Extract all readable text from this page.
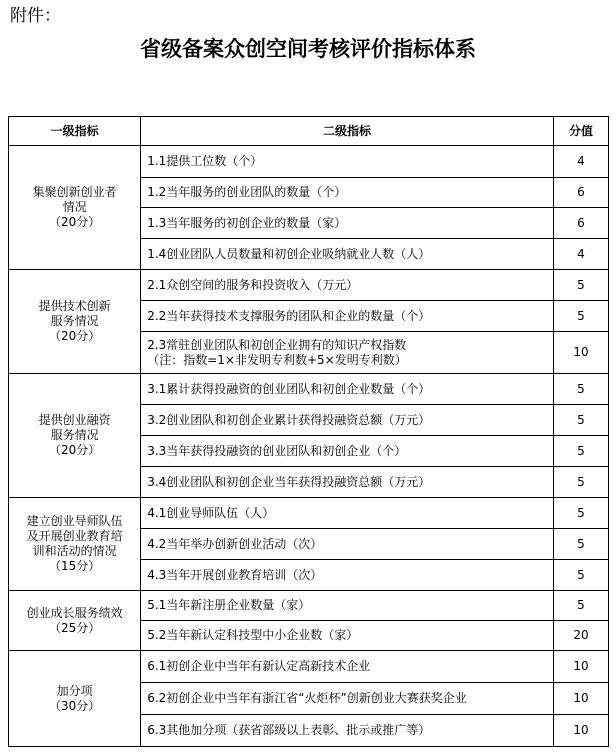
附件：
省级备案众创空间考核评价指标体系
一级指标	二级指标	分值

集聚创新创业者
情况
（20分）	1.1提供工位数（个）	4
	1.2当年服务的创业团队的数量（个）	6
	1.3当年服务的初创企业的数量（家）	6
	1.4创业团队人员数量和初创企业吸纳就业人数（人）	4

提供技术创新
服务情况
（20分）	2.1众创空间的服务和投资收入（万元）	5
	2.2当年获得技术支撑服务的团队和企业的数量（个）	5
	2.3常驻创业团队和初创企业拥有的知识产权指数
（注：指数=1×非发明专利数+5×发明专利数）	10

提供创业融资
服务情况
（20分）	3.1累计获得投融资的创业团队和初创企业数量（个）	5
	3.2创业团队和初创企业累计获得投融资总额（万元）	5
	3.3当年获得投融资的创业团队和初创企业（个）	5
	3.4创业团队和初创企业当年获得投融资总额（万元）	5

建立创业导师队伍
及开展创业教育培
训和活动的情况
（15分）	4.1创业导师队伍（人）	5
	4.2当年举办创新创业活动（次）	5
	4.3当年开展创业教育培训（次）	5

创业成长服务绩效
（25分）	5.1当年新注册企业数量（家）	5
	5.2当年新认定科技型中小企业数（家）	20

加分项
（30分）	6.1初创企业中当年有新认定高新技术企业	10
	6.2初创企业中当年有浙江省“火炬杯”创新创业大赛获奖企业	10
	6.3其他加分项（获省部级以上表彰、批示或推广等）	10
